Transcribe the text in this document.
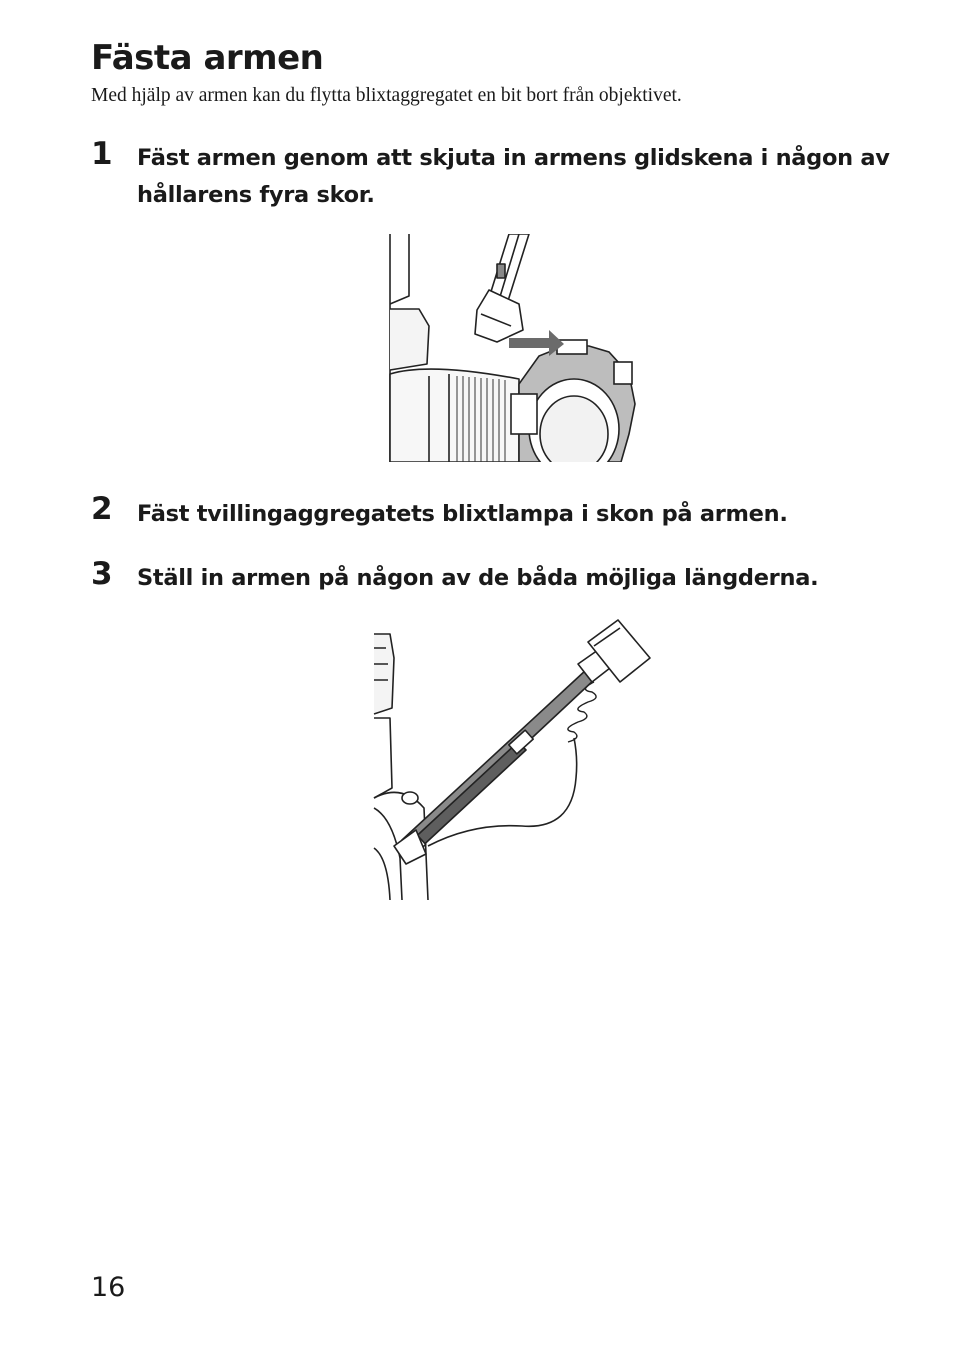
Fästa armen

Med hjälp av armen kan du flytta blixtaggregatet en bit bort från objektivet.

1 Fäst armen genom att skjuta in armens glidskena i någon av hållarens fyra skor.

2 Fäst tvillingaggregatets blixtlampa i skon på armen.

3 Ställ in armen på någon av de båda möjliga längderna.

16
